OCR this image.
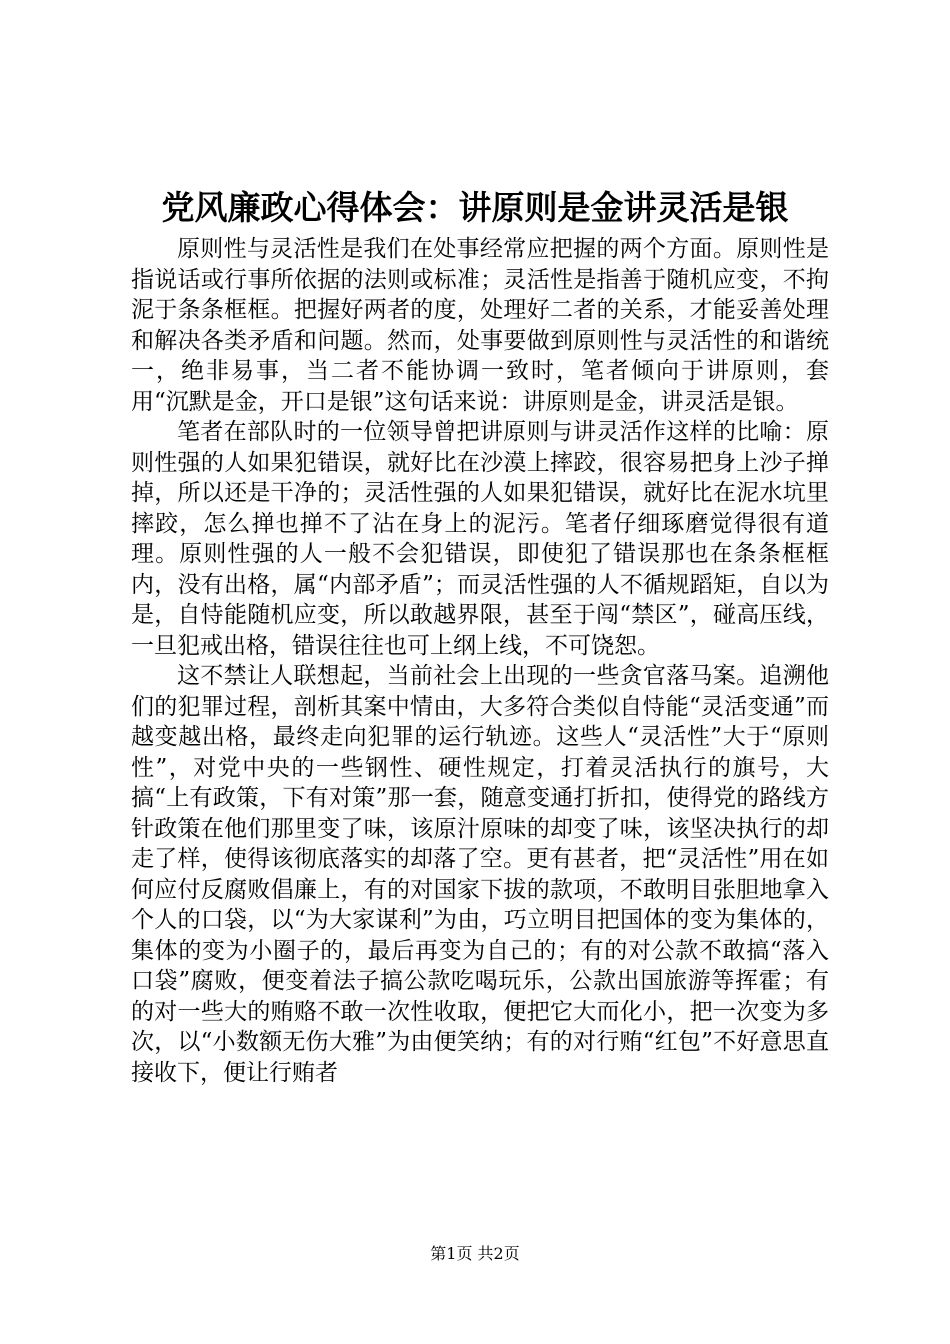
党风廉政心得体会：讲原则是金讲灵活是银

原则性与灵活性是我们在处事经常应把握的两个方面。原则性是指说话或行事所依据的法则或标准；灵活性是指善于随机应变，不拘泥于条条框框。把握好两者的度，处理好二者的关系，才能妥善处理和解决各类矛盾和问题。然而，处事要做到原则性与灵活性的和谐统一，绝非易事，当二者不能协调一致时，笔者倾向于讲原则，套用“沉默是金，开口是银”这句话来说：讲原则是金，讲灵活是银。

笔者在部队时的一位领导曾把讲原则与讲灵活作这样的比喻：原则性强的人如果犯错误，就好比在沙漠上摔跤，很容易把身上沙子掸掉，所以还是干净的；灵活性强的人如果犯错误，就好比在泥水坑里摔跤，怎么掸也掸不了沾在身上的泥污。笔者仔细琢磨觉得很有道理。原则性强的人一般不会犯错误，即使犯了错误那也在条条框框内，没有出格，属“内部矛盾”；而灵活性强的人不循规蹈矩，自以为是，自恃能随机应变，所以敢越界限，甚至于闯“禁区”，碰高压线，一旦犯戒出格，错误往往也可上纲上线，不可饶恕。

这不禁让人联想起，当前社会上出现的一些贪官落马案。追溯他们的犯罪过程，剖析其案中情由，大多符合类似自恃能“灵活变通”而越变越出格，最终走向犯罪的运行轨迹。这些人“灵活性”大于“原则性”，对党中央的一些钢性、硬性规定，打着灵活执行的旗号，大搞“上有政策，下有对策”那一套，随意变通打折扣，使得党的路线方针政策在他们那里变了味，该原汁原味的却变了味，该坚决执行的却走了样，使得该彻底落实的却落了空。更有甚者，把“灵活性”用在如何应付反腐败倡廉上，有的对国家下拔的款项，不敢明目张胆地拿入个人的口袋，以“为大家谋利”为由，巧立明目把国体的变为集体的，集体的变为小圈子的，最后再变为自己的；有的对公款不敢搞“落入口袋”腐败，便变着法子搞公款吃喝玩乐，公款出国旅游等挥霍；有的对一些大的贿赂不敢一次性收取，便把它大而化小，把一次变为多次，以“小数额无伤大雅”为由便笑纳；有的对行贿“红包”不好意思直接收下，便让行贿者

第1页 共2页
